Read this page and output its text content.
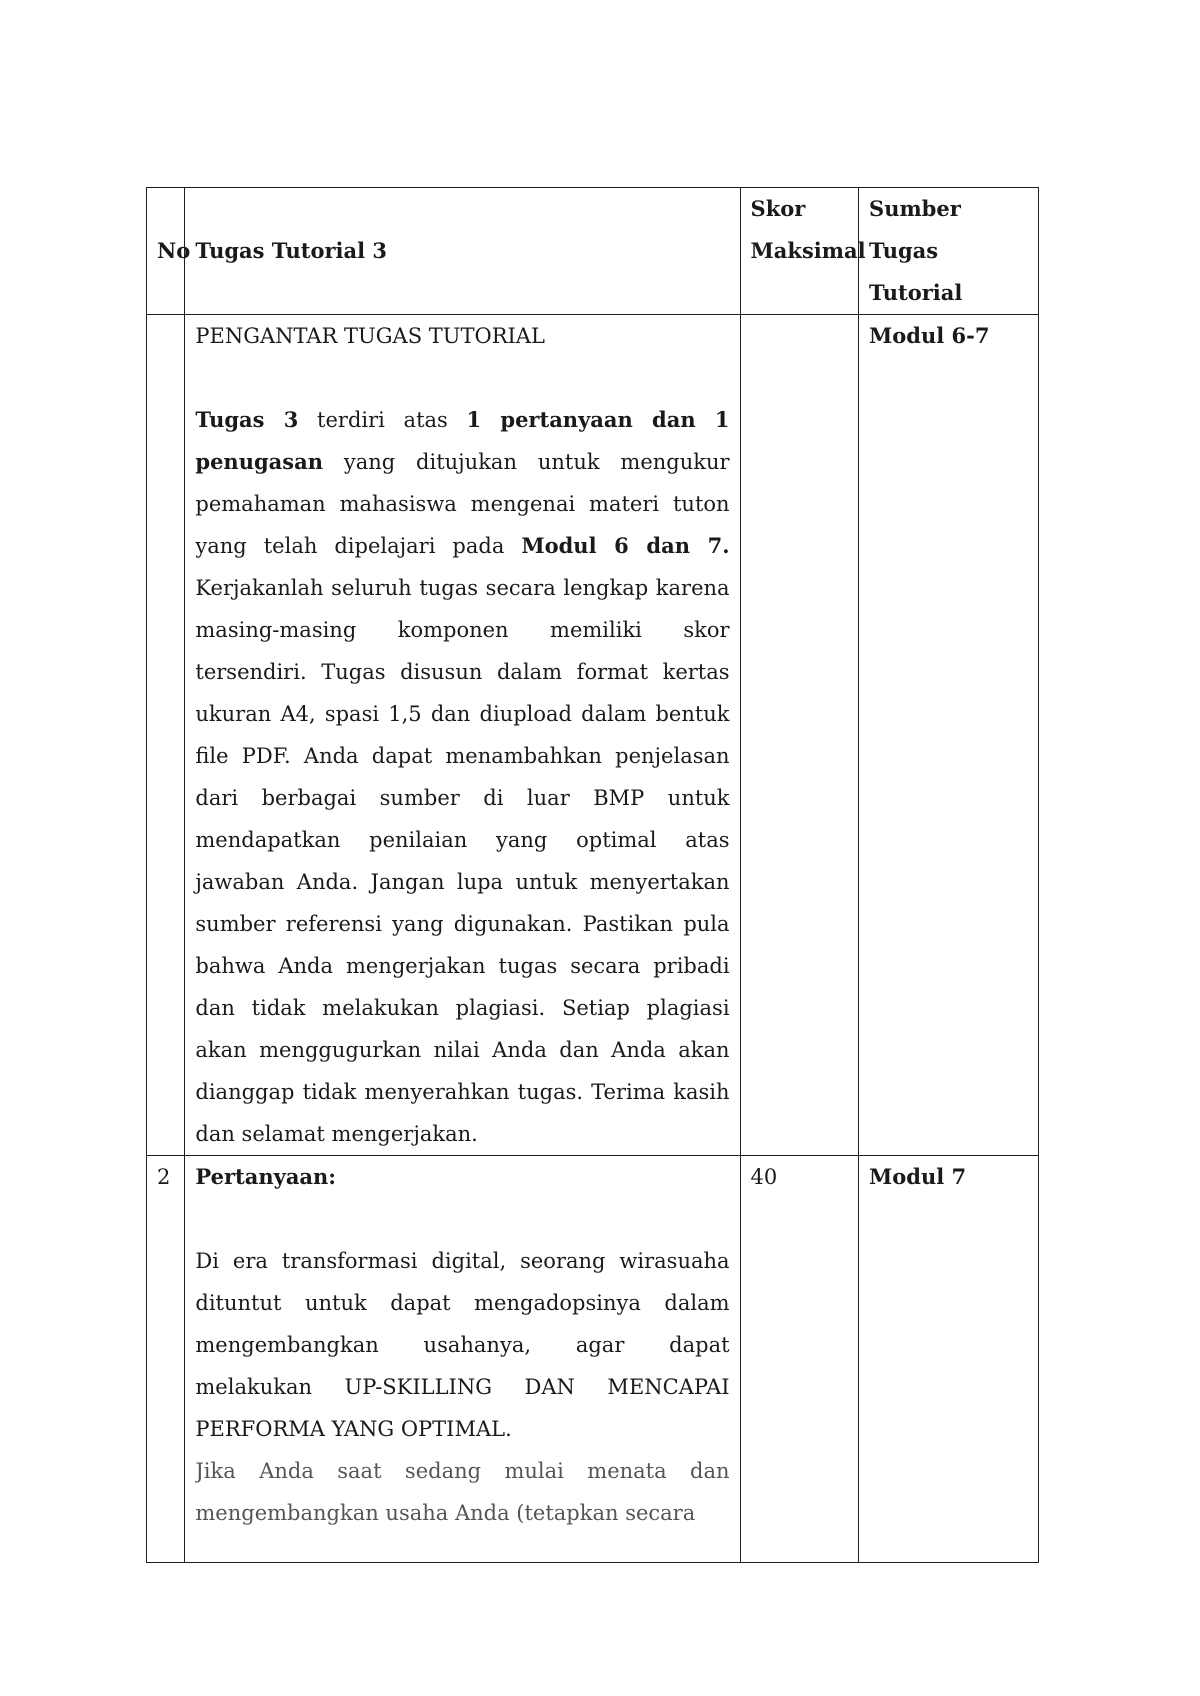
No	Tugas Tutorial 3	Skor Maksimal	Sumber Tugas Tutorial

	PENGANTAR TUGAS TUTORIAL

Tugas 3 terdiri atas 1 pertanyaan dan 1 penugasan yang ditujukan untuk mengukur pemahaman mahasiswa mengenai materi tuton yang telah dipelajari pada Modul 6 dan 7. Kerjakanlah seluruh tugas secara lengkap karena masing-masing komponen memiliki skor tersendiri. Tugas disusun dalam format kertas ukuran A4, spasi 1,5 dan diupload dalam bentuk file PDF. Anda dapat menambahkan penjelasan dari berbagai sumber di luar BMP untuk mendapatkan penilaian yang optimal atas jawaban Anda. Jangan lupa untuk menyertakan sumber referensi yang digunakan. Pastikan pula bahwa Anda mengerjakan tugas secara pribadi dan tidak melakukan plagiasi. Setiap plagiasi akan menggugurkan nilai Anda dan Anda akan dianggap tidak menyerahkan tugas. Terima kasih dan selamat mengerjakan.		Modul 6-7
2	Pertanyaan:

Di era transformasi digital, seorang wirasuaha dituntut untuk dapat mengadopsinya dalam mengembangkan usahanya, agar dapat melakukan UP-SKILLING DAN MENCAPAI PERFORMA YANG OPTIMAL.

Jika Anda saat sedang mulai menata dan mengembangkan usaha Anda (tetapkan secara	40	Modul 7
